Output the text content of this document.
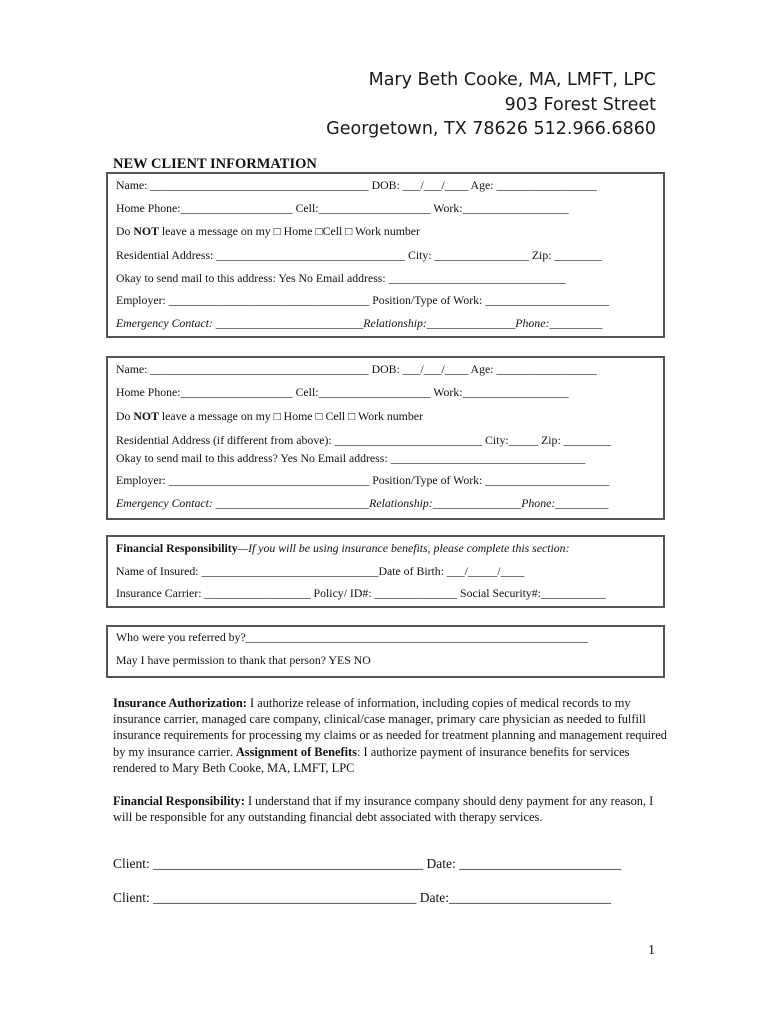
Mary Beth Cooke, MA, LMFT, LPC
903 Forest Street
Georgetown, TX 78626 512.966.6860
NEW CLIENT INFORMATION
Name: _____________________________________ DOB: ___/___/____ Age: _________________
Home Phone:___________________ Cell:___________________ Work:__________________
Do NOT leave a message on my □ Home □Cell □ Work number
Residential Address: ________________________________ City: ________________ Zip: ________
Okay to send mail to this address: Yes No Email address: ______________________________
Employer: __________________________________ Position/Type of Work: _____________________
Emergency Contact: _________________________Relationship:_______________Phone:_________
Name: _____________________________________ DOB: ___/___/____ Age: _________________
Home Phone:___________________ Cell:___________________ Work:__________________
Do NOT leave a message on my □ Home □ Cell □ Work number
Residential Address (if different from above): _________________________ City:_____ Zip: ________
Okay to send mail to this address? Yes No Email address: _________________________________
Employer: __________________________________ Position/Type of Work: _____________________
Emergency Contact: __________________________Relationship:_______________Phone:_________
Financial Responsibility—If you will be using insurance benefits, please complete this section:
Name of Insured: ______________________________Date of Birth: ___/_____/____
Insurance Carrier: __________________ Policy/ ID#: ______________ Social Security#:___________
Who were you referred by?__________________________________________________________
May I have permission to thank that person? YES NO
Insurance Authorization: I authorize release of information, including copies of medical records to my insurance carrier, managed care company, clinical/case manager, primary care physician as needed to fulfill insurance requirements for processing my claims or as needed for treatment planning and management required by my insurance carrier. Assignment of Benefits: I authorize payment of insurance benefits for services rendered to Mary Beth Cooke, MA, LMFT, LPC
Financial Responsibility: I understand that if my insurance company should deny payment for any reason, I will be responsible for any outstanding financial debt associated with therapy services.
Client: ________________________________________ Date: ________________________
Client: _______________________________________ Date:________________________
1
